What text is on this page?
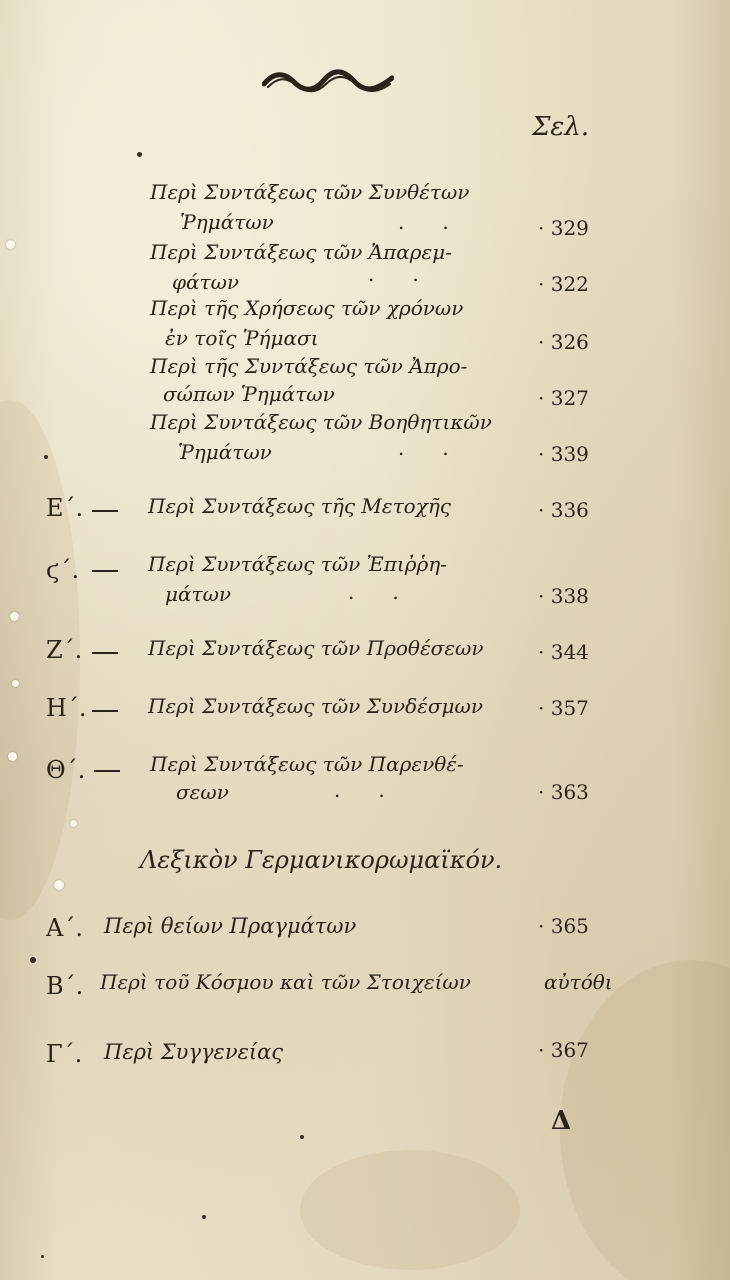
Σελ.
Περὶ Συντάξεως τῶν Συνθέτων
Ῥημάτων	..	· 329
Περὶ Συντάξεως τῶν Ἀπαρεμ-
φάτων	..	· 322
Περὶ τῆς Χρήσεως τῶν χρόνων
ἐν τοῖς Ῥήμασι	· 326
Περὶ τῆς Συντάξεως τῶν Ἀπρο-
σώπων Ῥημάτων	· 327
Περὶ Συντάξεως τῶν Βοηθητικῶν
Ῥημάτων	..	· 339
Ε΄.	Περὶ Συντάξεως τῆς Μετοχῆς	· 336
ϛ΄.	Περὶ Συντάξεως τῶν Ἐπιῤῥη-
μάτων	..	· 338
Ζ΄.	Περὶ Συντάξεως τῶν Προθέσεων	· 344
Η΄.	Περὶ Συντάξεως τῶν Συνδέσμων	· 357
Θ΄.	Περὶ Συντάξεως τῶν Παρενθέ-
σεων	..	· 363
Λεξικὸν Γερμανικορωμαϊκόν.
Α΄. Περὶ θείων Πραγμάτων	· 365
Β΄. Περὶ τοῦ Κόσμου καὶ τῶν Στοιχείων	αὐτόθι
Γ΄. Περὶ Συγγενείας	· 367
Δ
